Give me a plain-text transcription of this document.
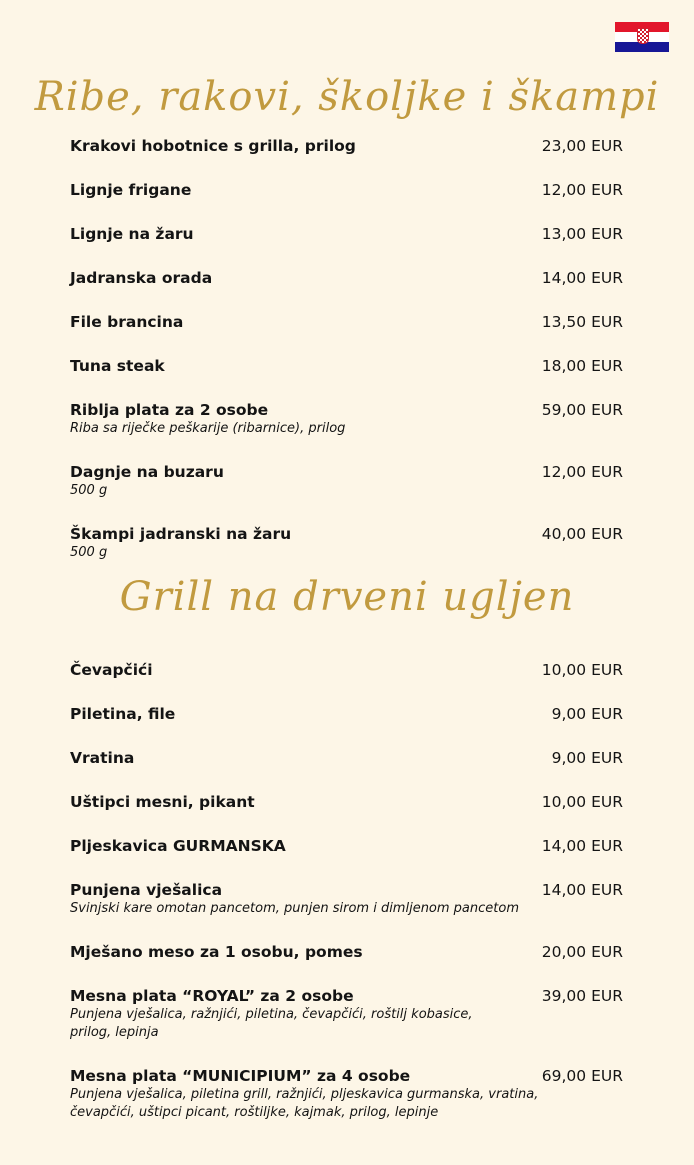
Ribe, rakovi, školjke i škampi
Krakovi hobotnice s grilla, prilog	23,00 EUR
Lignje frigane	12,00 EUR
Lignje na žaru	13,00 EUR
Jadranska orada	14,00 EUR
File brancina	13,50 EUR
Tuna steak	18,00 EUR
Riblja plata za 2 osobe	59,00 EUR
Riba sa riječke peškarije (ribarnice), prilog
Dagnje na buzaru	12,00 EUR
500 g
Škampi jadranski na žaru	40,00 EUR
500 g
Grill na drveni ugljen
Čevapčići	10,00 EUR
Piletina, file	9,00 EUR
Vratina	9,00 EUR
Uštipci mesni, pikant	10,00 EUR
Pljeskavica GURMANSKA	14,00 EUR
Punjena vješalica	14,00 EUR
Svinjski kare omotan pancetom, punjen sirom i dimljenom pancetom
Mješano meso za 1 osobu, pomes	20,00 EUR
Mesna plata “ROYAL” za 2 osobe	39,00 EUR
Punjena vješalica, ražnjići, piletina, čevapčići, roštilj kobasice, prilog, lepinja
Mesna plata “MUNICIPIUM” za 4 osobe	69,00 EUR
Punjena vješalica, piletina grill, ražnjići, pljeskavica gurmanska, vratina, čevapčići, uštipci picant, roštiljke, kajmak, prilog, lepinje
